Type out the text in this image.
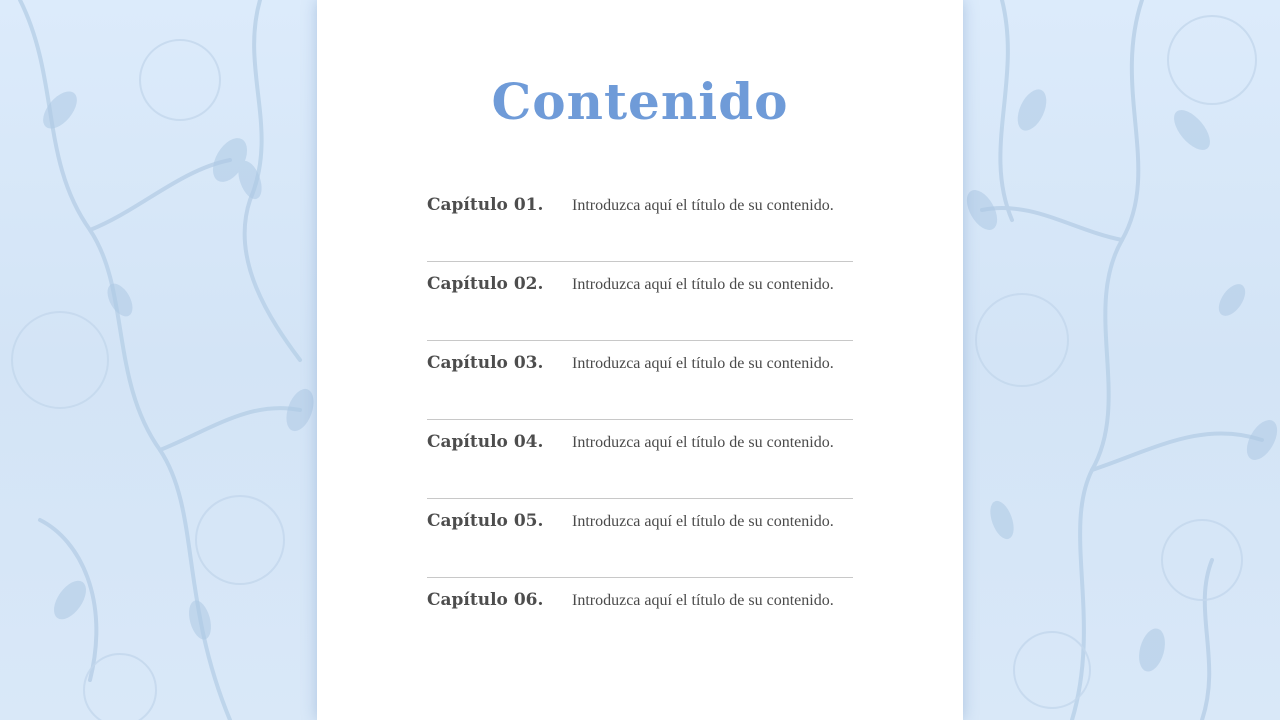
Contenido
Capítulo 01. Introduzca aquí el título de su contenido.
Capítulo 02. Introduzca aquí el título de su contenido.
Capítulo 03. Introduzca aquí el título de su contenido.
Capítulo 04. Introduzca aquí el título de su contenido.
Capítulo 05. Introduzca aquí el título de su contenido.
Capítulo 06. Introduzca aquí el título de su contenido.
